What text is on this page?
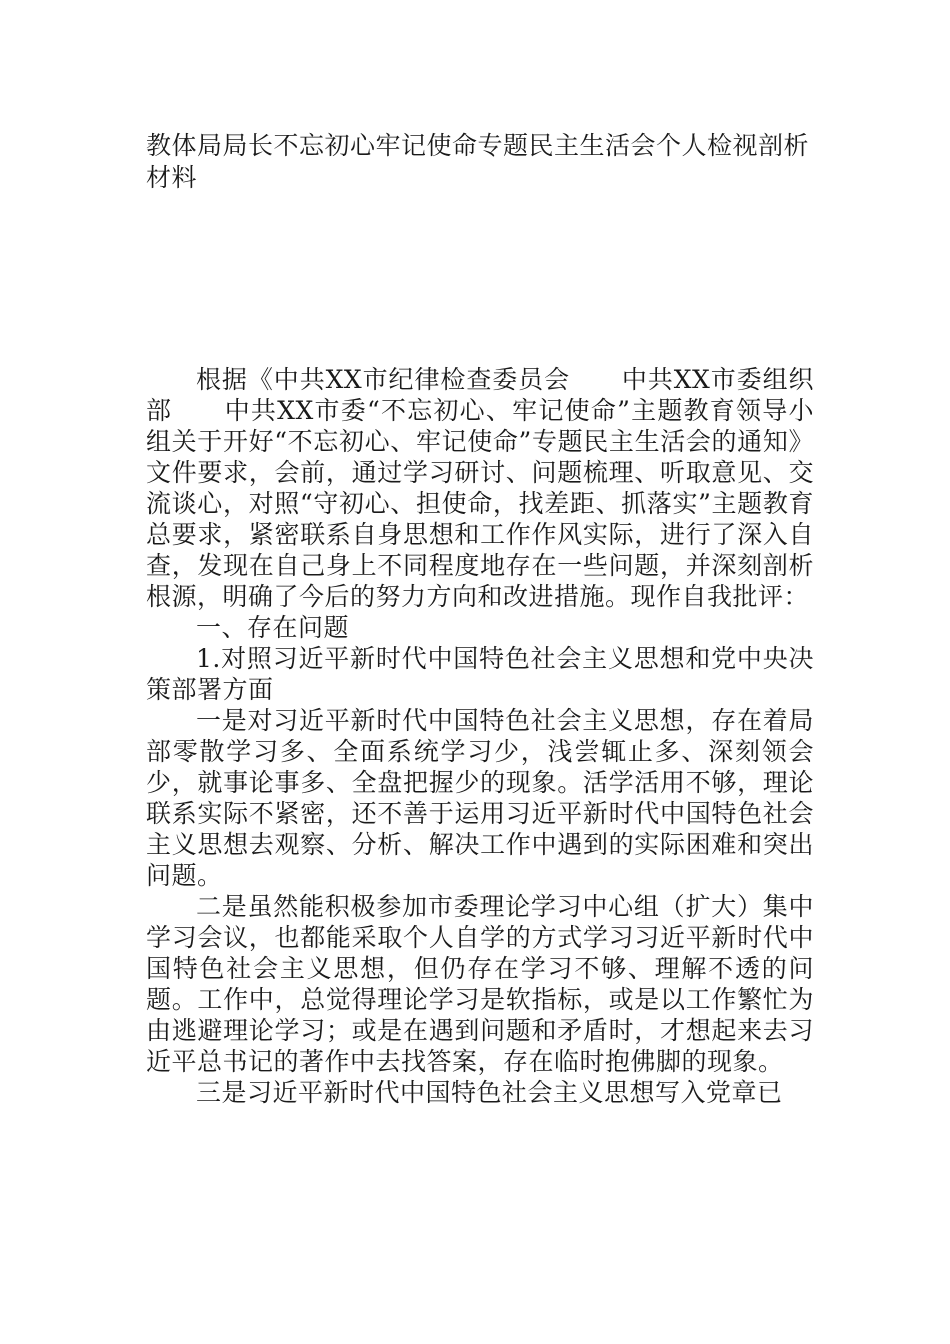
教体局局长不忘初心牢记使命专题民主生活会个人检视剖析材料

根据《中共XX市纪律检查委员会　　中共XX市委组织部　　中共XX市委“不忘初心、牢记使命”主题教育领导小组关于开好“不忘初心、牢记使命”专题民主生活会的通知》文件要求，会前，通过学习研讨、问题梳理、听取意见、交流谈心，对照“守初心、担使命，找差距、抓落实”主题教育总要求，紧密联系自身思想和工作作风实际，进行了深入自查，发现在自己身上不同程度地存在一些问题，并深刻剖析根源，明确了今后的努力方向和改进措施。现作自我批评：

一、存在问题

1.对照习近平新时代中国特色社会主义思想和党中央决策部署方面

一是对习近平新时代中国特色社会主义思想，存在着局部零散学习多、全面系统学习少，浅尝辄止多、深刻领会少，就事论事多、全盘把握少的现象。活学活用不够，理论联系实际不紧密，还不善于运用习近平新时代中国特色社会主义思想去观察、分析、解决工作中遇到的实际困难和突出问题。

二是虽然能积极参加市委理论学习中心组（扩大）集中学习会议，也都能采取个人自学的方式学习习近平新时代中国特色社会主义思想，但仍存在学习不够、理解不透的问题。工作中，总觉得理论学习是软指标，或是以工作繁忙为由逃避理论学习；或是在遇到问题和矛盾时，才想起来去习近平总书记的著作中去找答案，存在临时抱佛脚的现象。

三是习近平新时代中国特色社会主义思想写入党章已
